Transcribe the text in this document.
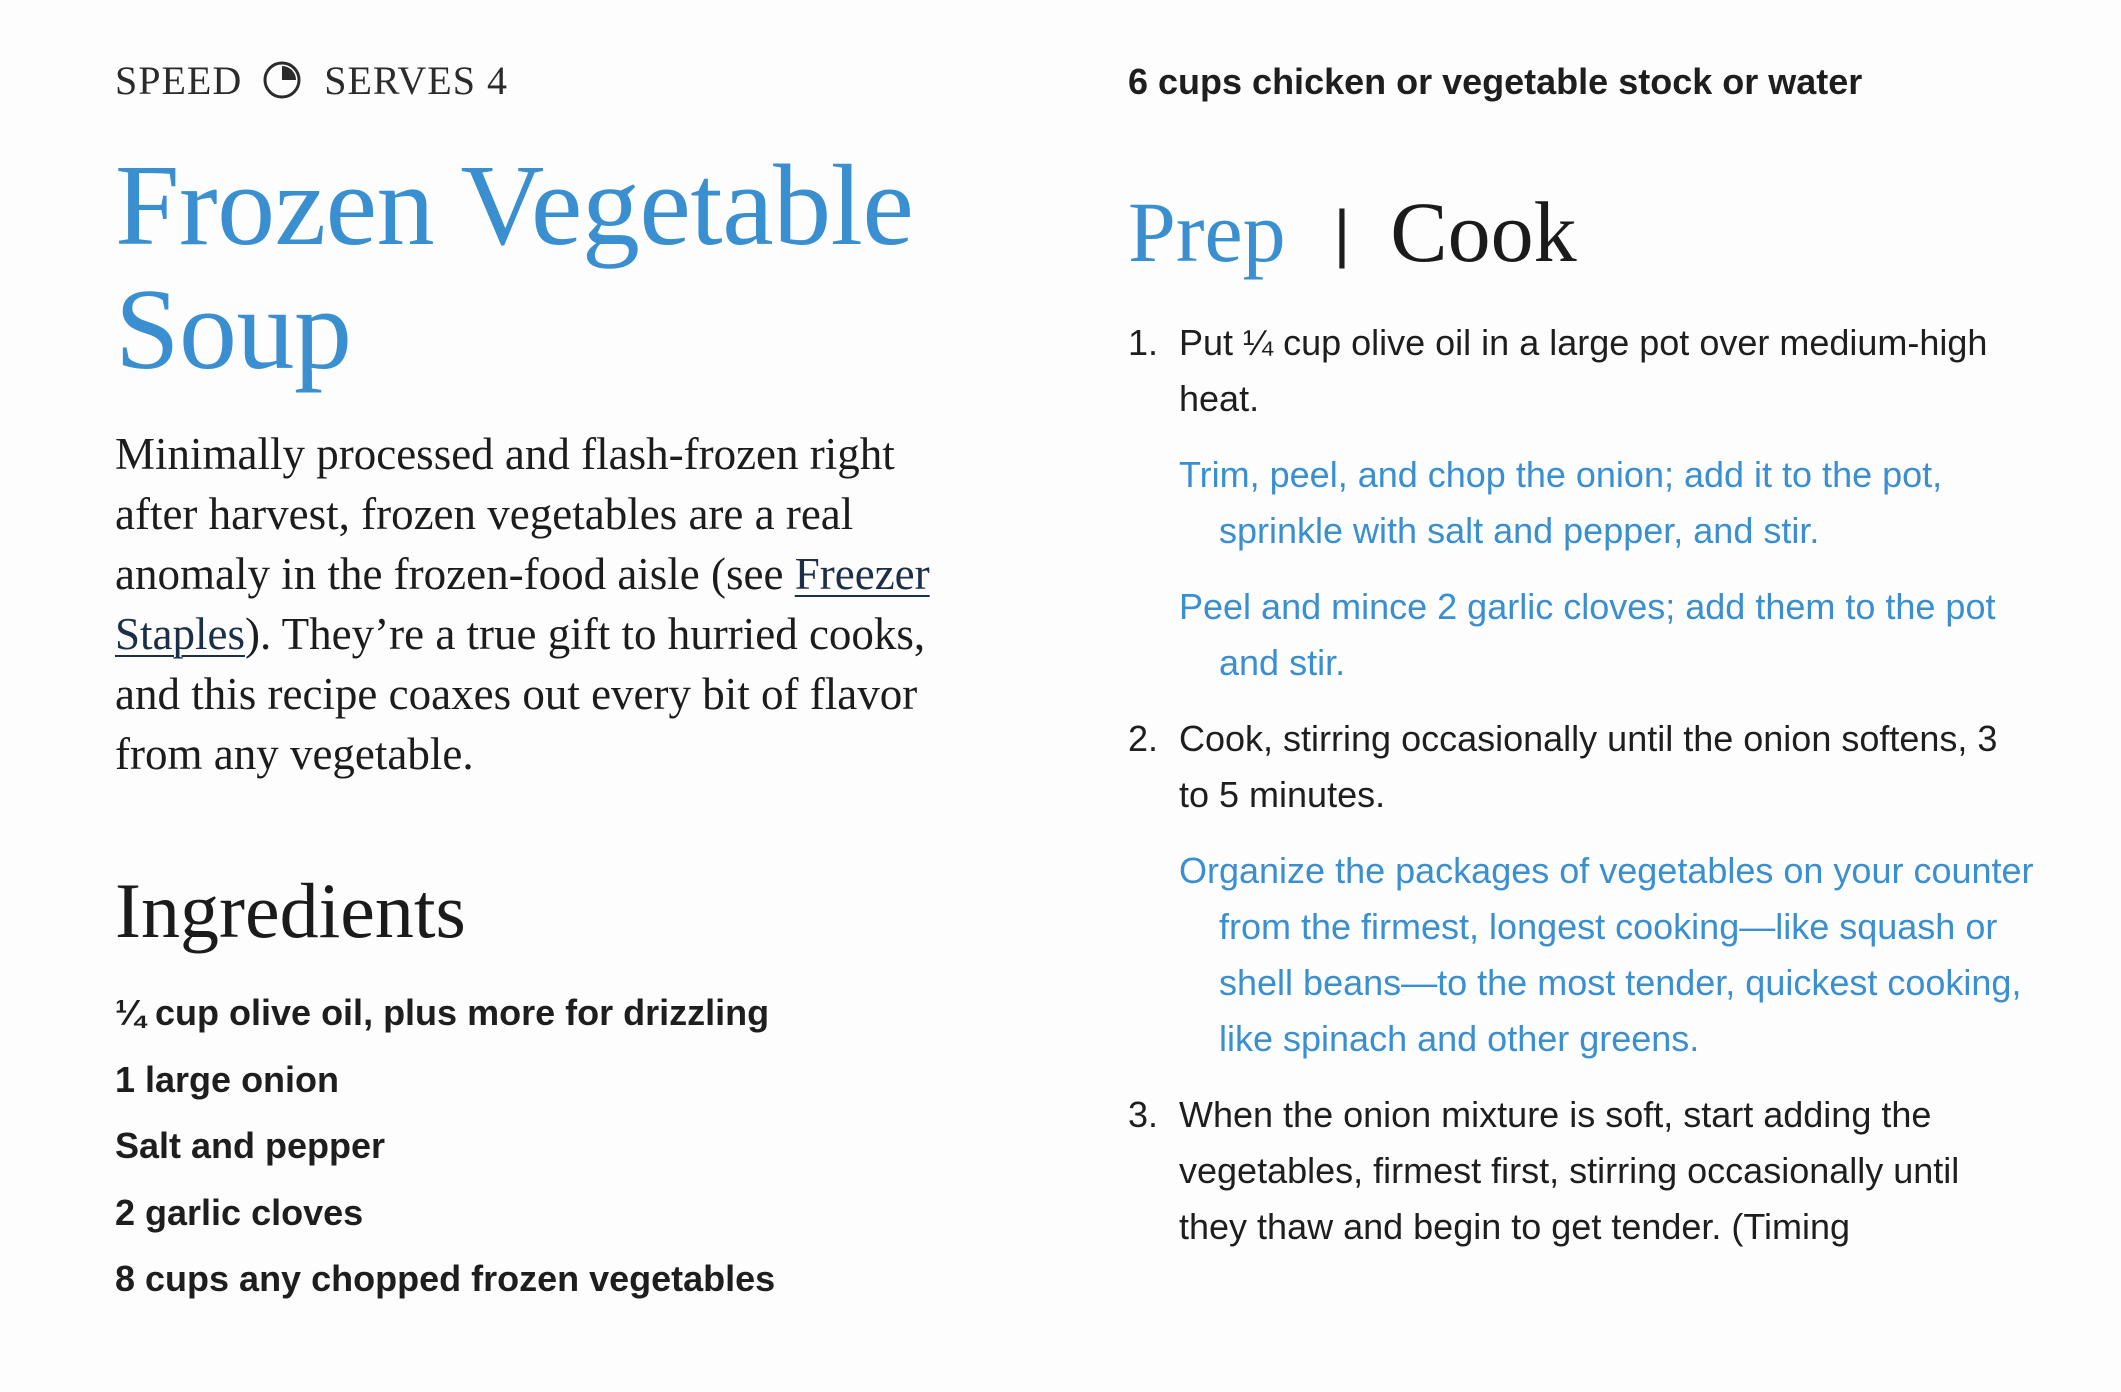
SPEED SERVES 4
Frozen Vegetable
Soup

Minimally processed and flash-frozen right after harvest, frozen vegetables are a real anomaly in the frozen-food aisle (see Freezer Staples). They’re a true gift to hurried cooks, and this recipe coaxes out every bit of flavor from any vegetable.

Ingredients
¼ cup olive oil, plus more for drizzling
1 large onion
Salt and pepper
2 garlic cloves
8 cups any chopped frozen vegetables
6 cups chicken or vegetable stock or water
Prep | Cook
1. Put ¼ cup olive oil in a large pot over medium-high heat.
Trim, peel, and chop the onion; add it to the pot, sprinkle with salt and pepper, and stir.
Peel and mince 2 garlic cloves; add them to the pot and stir.
2. Cook, stirring occasionally until the onion softens, 3 to 5 minutes.
Organize the packages of vegetables on your counter from the firmest, longest cooking—like squash or shell beans—to the most tender, quickest cooking, like spinach and other greens.
3. When the onion mixture is soft, start adding the vegetables, firmest first, stirring occasionally until they thaw and begin to get tender. (Timing
